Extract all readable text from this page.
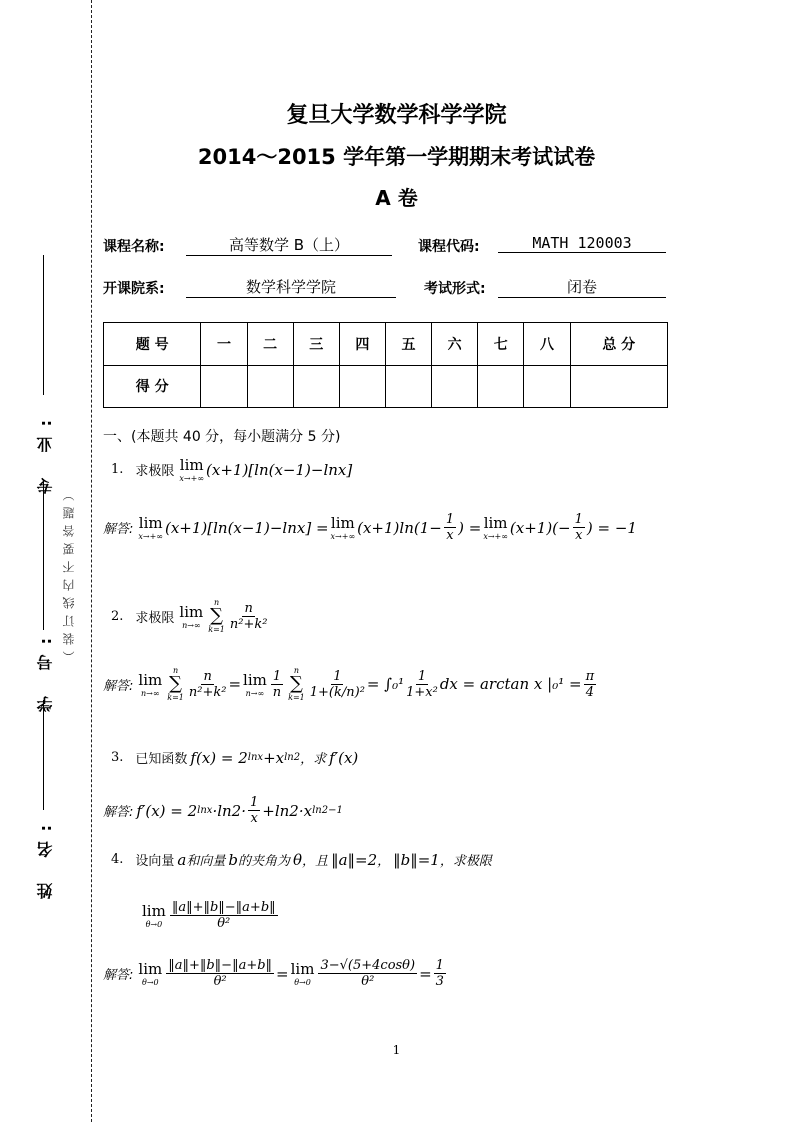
专 业:
学 号:
（装订线内不要答题）
姓 名:
复旦大学数学科学学院
2014～2015 学年第一学期期末考试试卷
A 卷
课程名称:	高等数学 B（上）	课程代码:	MATH 120003
开课院系:	数学科学学院	考试形式:	闭卷
题 号	一	二	三	四	五	六	七	八	总 分
得 分									
一、(本题共 40 分，每小题满分 5 分)
1. 求极限 lim
x→+∞ (x+1)[ln(x−1)−lnx]
解答: lim
x→+∞ (x+1)[ln(x−1)−lnx] = lim
x→+∞ $(x+1)\ln(1- \frac{1}{x}$ ) = lim
x→+∞ $(x+1)(- \frac{1}{x}$ ) = −1
2. 求极限 lim
n→∞
n
∑
$k=1 \frac{n}{\text{n²+k²}}$
解答: lim
n→∞
n
∑
$k=1 \frac{n}{\text{n²+k²}} = \lim$
$n\to\infty \frac{1}{n}$ n
∑
$k=1 \frac{1}{\text{1+(k/n)²}} = \int_0^1 \frac{1}{\text{1+x²}}$ dx = arctan x $|_0^1 = \frac{\pi}{4}$
3. 已知函数 f(x) = 2 lnx +x ln2 ，求 f′(x)
解答: f′(x) = 2 $\ln x \cdot\ln 2\cdot \frac{1}{x} +\ln 2\cdot x$ ln2−1
4. 设向量 a 和向量 b 的夹角为 θ ，且 ‖a‖=2 ， ‖b‖=1 ，求极限
lim
$\theta\to 0 \frac{‖a‖+‖b‖-‖a+b‖}{\text{θ²}}$
解答: lim
$\theta\to 0 \frac{‖a‖+‖b‖-‖a+b‖}{\text{θ²}} = \lim$
$\theta\to 0 \frac{3-√(5+4\cos\theta)}{\text{θ²}} = \frac{1}{3}$
1
